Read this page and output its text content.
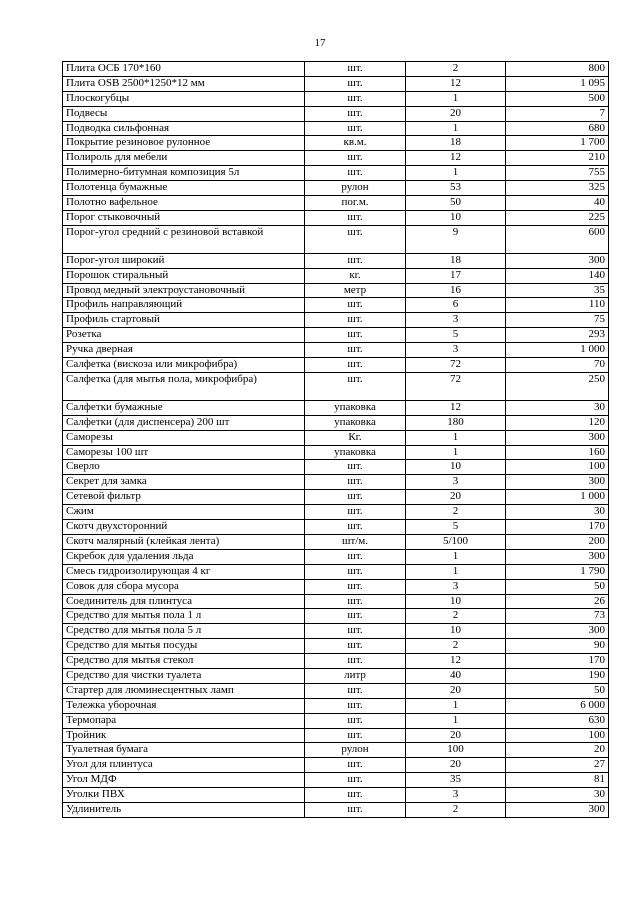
17
Плита ОСБ 170*160	шт.	2	800
Плита OSB 2500*1250*12 мм	шт.	12	1 095
Плоскогубцы	шт.	1	500
Подвесы	шт.	20	7
Подводка сильфонная	шт.	1	680
Покрытие резиновое рулонное	кв.м.	18	1 700
Полироль для мебели	шт.	12	210
Полимерно-битумная композиция 5л	шт.	1	755
Полотенца бумажные	рулон	53	325
Полотно вафельное	пог.м.	50	40
Порог стыковочный	шт.	10	225
Порог-угол средний с резиновой вставкой	шт.	9	600
Порог-угол широкий	шт.	18	300
Порошок стиральный	кг.	17	140
Провод медный электроустановочный	метр	16	35
Профиль направляющий	шт.	6	110
Профиль стартовый	шт.	3	75
Розетка	шт.	5	293
Ручка дверная	шт.	3	1 000
Салфетка (вискоза или микрофибра)	шт.	72	70
Салфетка (для мытья пола, микрофибра)	шт.	72	250
Салфетки бумажные	упаковка	12	30
Салфетки (для диспенсера) 200 шт	упаковка	180	120
Саморезы	Кг.	1	300
Саморезы 100 шт	упаковка	1	160
Сверло	шт.	10	100
Секрет для замка	шт.	3	300
Сетевой фильтр	шт.	20	1 000
Сжим	шт.	2	30
Скотч двухсторонний	шт.	5	170
Скотч малярный (клейкая лента)	шт/м.	5/100	200
Скребок для удаления льда	шт.	1	300
Смесь гидроизолирующая 4 кг	шт.	1	1 790
Совок для сбора мусора	шт.	3	50
Соединитель для плинтуса	шт.	10	26
Средство для мытья пола 1 л	шт.	2	73
Средство для мытья пола 5 л	шт.	10	300
Средство для мытья посуды	шт.	2	90
Средство для мытья стекол	шт.	12	170
Средство для чистки туалета	литр	40	190
Стартер для люминесцентных ламп	шт.	20	50
Тележка уборочная	шт.	1	6 000
Термопара	шт.	1	630
Тройник	шт.	20	100
Туалетная бумага	рулон	100	20
Угол для плинтуса	шт.	20	27
Угол МДФ	шт.	35	81
Уголки ПВХ	шт.	3	30
Удлинитель	шт.	2	300
